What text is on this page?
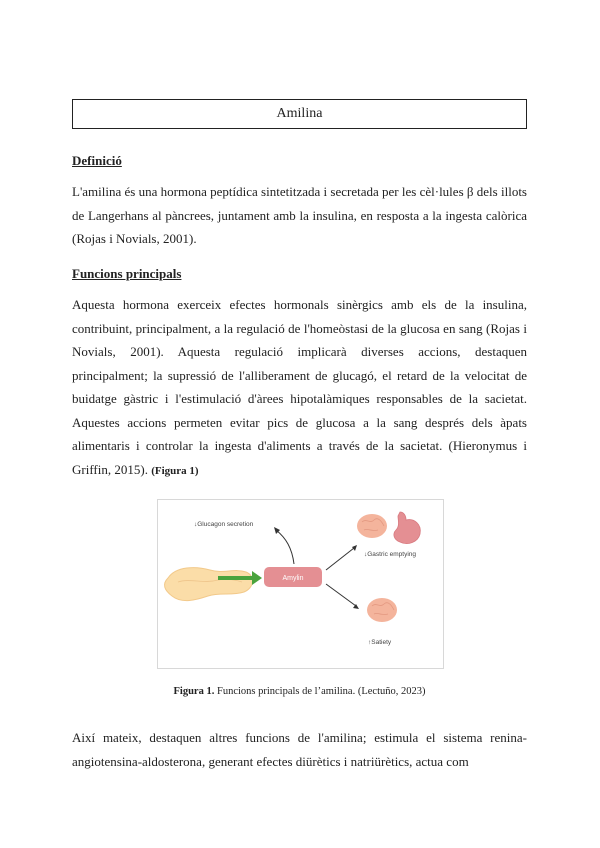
Amilina
Definició
L'amilina és una hormona peptídica sintetitzada i secretada per les cèl·lules β dels illots de Langerhans al pàncrees, juntament amb la insulina, en resposta a la ingesta calòrica (Rojas i Novials, 2001).
Funcions principals
Aquesta hormona exerceix efectes hormonals sinèrgics amb els de la insulina, contribuint, principalment, a la regulació de l'homeòstasi de la glucosa en sang (Rojas i Novials, 2001). Aquesta regulació implicarà diverses accions, destaquen principalment; la supressió de l'alliberament de glucagó, el retard de la velocitat de buidatge gàstric i l'estimulació d'àrees hipotalàmiques responsables de la sacietat. Aquestes accions permeten evitar pics de glucosa a la sang després dels àpats alimentaris i controlar la ingesta d'aliments a través de la sacietat. (Hieronymus i Griffin, 2015). (Figura 1)
Amylin
↓Glucagon secretion
↓Gastric emptying
↑Satiety
Figura 1. Funcions principals de l’amilina. (Lectuño, 2023)
Així mateix, destaquen altres funcions de l'amilina; estimula el sistema renina-angiotensina-aldosterona, generant efectes diürètics i natriürètics, actua com
